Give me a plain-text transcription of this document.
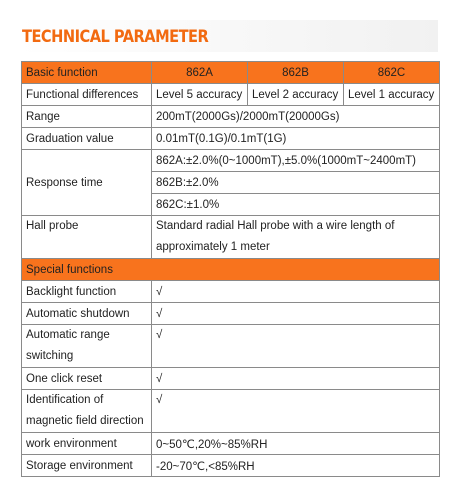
TECHNICAL PARAMETER
Basic function	862A	862B	862C
Functional differences	Level 5 accuracy	Level 2 accuracy	Level 1 accuracy
Range	200mT(2000Gs)/2000mT(20000Gs)		
Graduation value	0.01mT(0.1G)/0.1mT(1G)		
Response time	862A:±2.0%(0~1000mT),±5.0%(1000mT~2400mT)		
	862B:±2.0%		
	862C:±1.0%		
Hall probe	Standard radial Hall probe with a wire length of approximately 1 meter		
Special functions			
Backlight function	√		
Automatic shutdown	√		
Automatic range switching	√		
One click reset	√		
Identification of magnetic field direction	√		
work environment	0~50℃,20%~85%RH		
Storage environment	-20~70℃,<85%RH		
